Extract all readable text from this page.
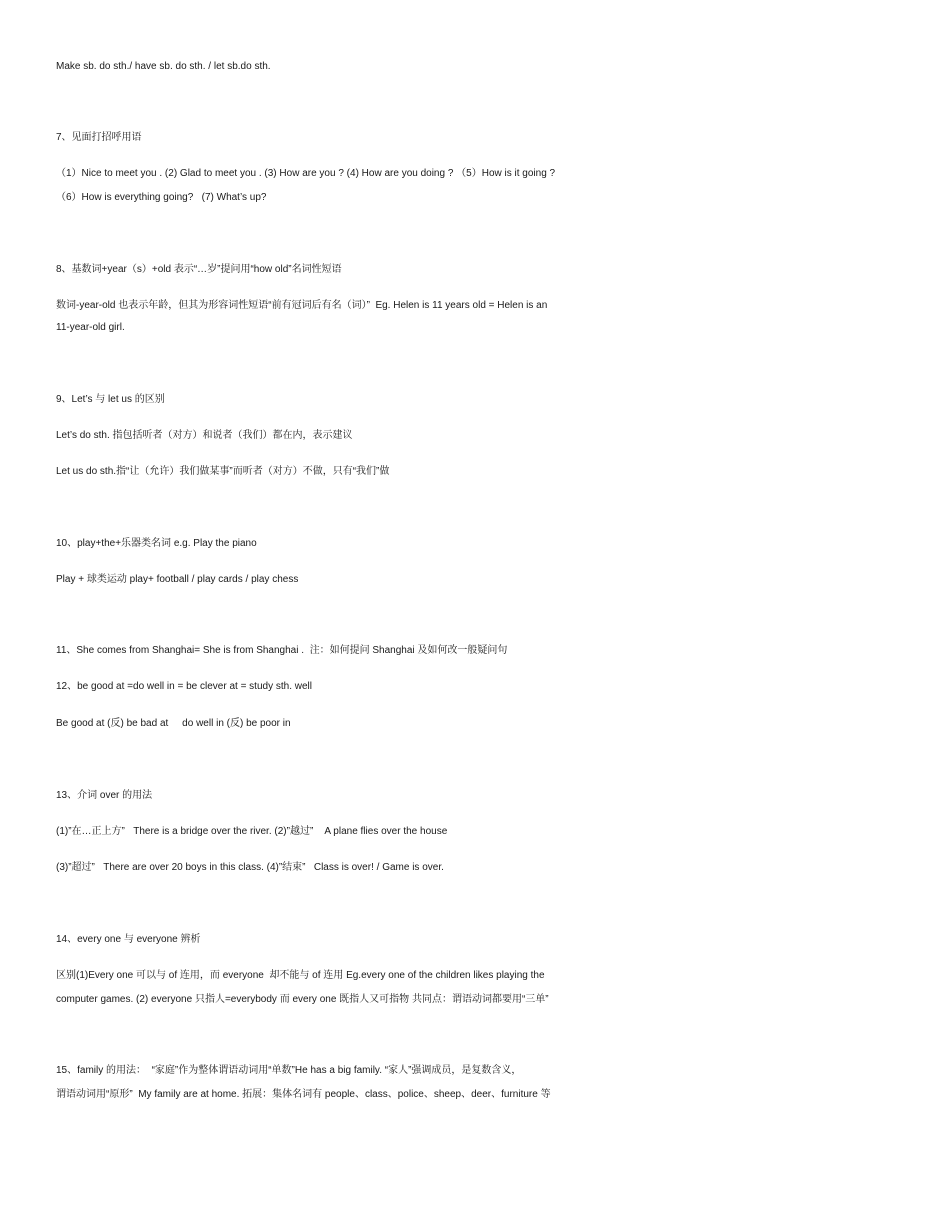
Make sb. do sth./ have sb. do sth. / let sb.do sth.
7、见面打招呼用语
（1）Nice to meet you . (2) Glad to meet you . (3) How are you ? (4) How are you doing ? （5）How is it going ?
（6）How is everything going?   (7) What’s up?
8、基数词+year（s）+old 表示“…岁”提问用“how old”名词性短语
数词-year-old 也表示年龄，但其为形容词性短语“前有冠词后有名（词）”  Eg. Helen is 11 years old = Helen is an
11-year-old girl.
9、Let’s 与 let us 的区别
Let’s do sth. 指包括听者（对方）和说者（我们）都在内，表示建议
Let us do sth.指“让（允许）我们做某事”而听者（对方）不做，只有“我们”做
10、play+the+乐器类名词 e.g. Play the piano
Play + 球类运动 play+ football / play cards / play chess
11、She comes from Shanghai= She is from Shanghai .  注：如何提问 Shanghai 及如何改一般疑问句
12、be good at =do well in = be clever at = study sth. well
Be good at (反) be bad at     do well in (反) be poor in
13、介词 over 的用法
(1)”在…正上方”   There is a bridge over the river. (2)”越过”    A plane flies over the house
(3)”超过”   There are over 20 boys in this class. (4)”结束”   Class is over! / Game is over.
14、every one 与 everyone 辨析
区别(1)Every one 可以与 of 连用，而 everyone  却不能与 of 连用 Eg.every one of the children likes playing the
computer games. (2) everyone 只指人=everybody 而 every one 既指人又可指物 共同点：谓语动词都要用“三单”
15、family 的用法：  “家庭”作为整体谓语动词用“单数”He has a big family. “家人”强调成员，是复数含义，
谓语动词用“原形”  My family are at home. 拓展：集体名词有 people、class、police、sheep、deer、furniture 等
